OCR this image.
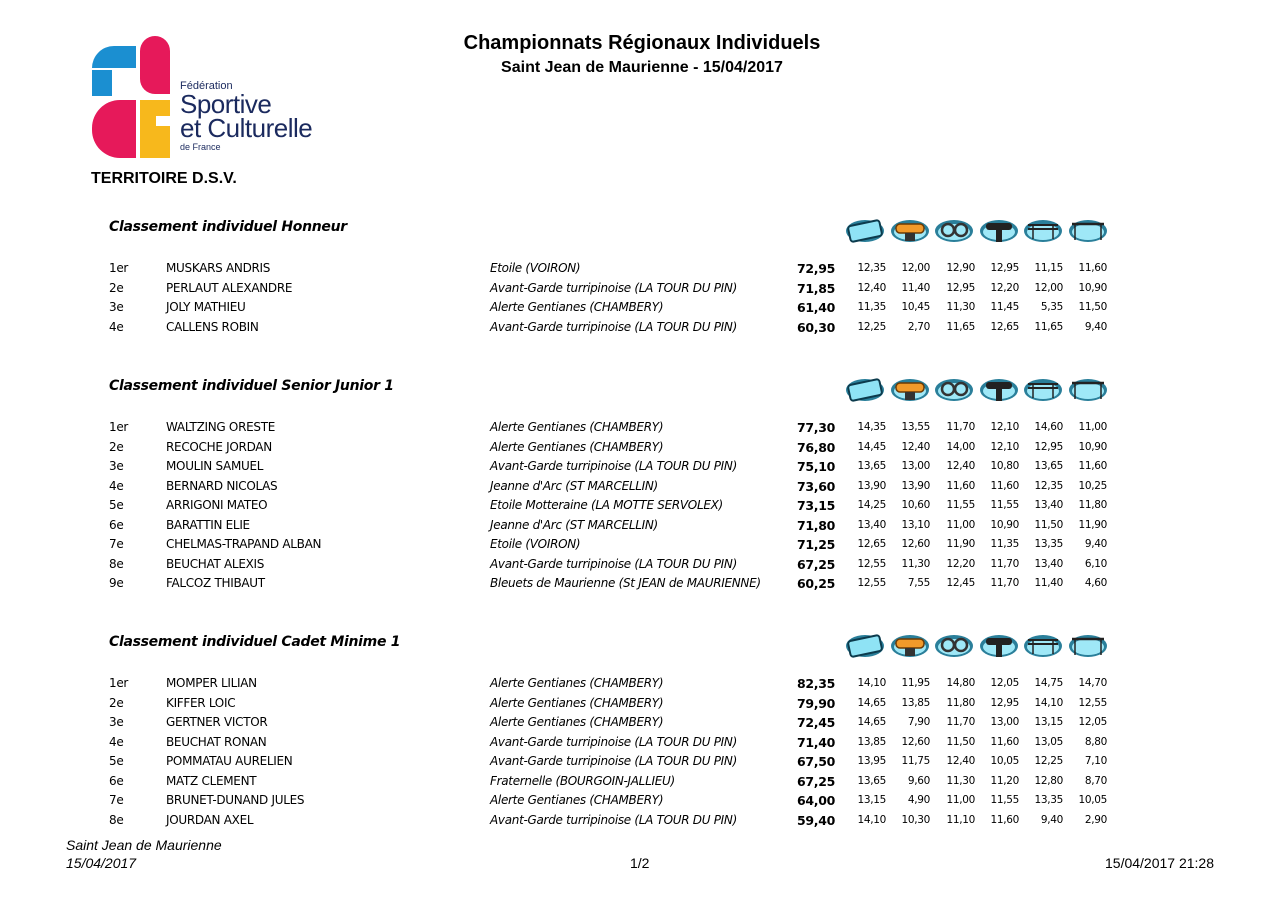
Fédération
Sportive
et Culturelle
de France
Championnats Régionaux Individuels
Saint Jean de Maurienne - 15/04/2017
TERRITOIRE D.S.V.
Classement individuel Honneur
1er	MUSKARS ANDRIS	Etoile (VOIRON)	72,95	12,35	12,00	12,90	12,95	11,15	11,60
2e	PERLAUT ALEXANDRE	Avant-Garde turripinoise (LA TOUR DU PIN)	71,85	12,40	11,40	12,95	12,20	12,00	10,90
3e	JOLY MATHIEU	Alerte Gentianes (CHAMBERY)	61,40	11,35	10,45	11,30	11,45	5,35	11,50
4e	CALLENS ROBIN	Avant-Garde turripinoise (LA TOUR DU PIN)	60,30	12,25	2,70	11,65	12,65	11,65	9,40
Classement individuel Senior Junior 1
1er	WALTZING ORESTE	Alerte Gentianes (CHAMBERY)	77,30	14,35	13,55	11,70	12,10	14,60	11,00
2e	RECOCHE JORDAN	Alerte Gentianes (CHAMBERY)	76,80	14,45	12,40	14,00	12,10	12,95	10,90
3e	MOULIN SAMUEL	Avant-Garde turripinoise (LA TOUR DU PIN)	75,10	13,65	13,00	12,40	10,80	13,65	11,60
4e	BERNARD NICOLAS	Jeanne d'Arc (ST MARCELLIN)	73,60	13,90	13,90	11,60	11,60	12,35	10,25
5e	ARRIGONI MATEO	Etoile Motteraine (LA MOTTE SERVOLEX)	73,15	14,25	10,60	11,55	11,55	13,40	11,80
6e	BARATTIN ELIE	Jeanne d'Arc (ST MARCELLIN)	71,80	13,40	13,10	11,00	10,90	11,50	11,90
7e	CHELMAS-TRAPAND ALBAN	Etoile (VOIRON)	71,25	12,65	12,60	11,90	11,35	13,35	9,40
8e	BEUCHAT ALEXIS	Avant-Garde turripinoise (LA TOUR DU PIN)	67,25	12,55	11,30	12,20	11,70	13,40	6,10
9e	FALCOZ THIBAUT	Bleuets de Maurienne (St JEAN de MAURIENNE)	60,25	12,55	7,55	12,45	11,70	11,40	4,60
Classement individuel Cadet Minime 1
1er	MOMPER LILIAN	Alerte Gentianes (CHAMBERY)	82,35	14,10	11,95	14,80	12,05	14,75	14,70
2e	KIFFER LOIC	Alerte Gentianes (CHAMBERY)	79,90	14,65	13,85	11,80	12,95	14,10	12,55
3e	GERTNER VICTOR	Alerte Gentianes (CHAMBERY)	72,45	14,65	7,90	11,70	13,00	13,15	12,05
4e	BEUCHAT RONAN	Avant-Garde turripinoise (LA TOUR DU PIN)	71,40	13,85	12,60	11,50	11,60	13,05	8,80
5e	POMMATAU AURELIEN	Avant-Garde turripinoise (LA TOUR DU PIN)	67,50	13,95	11,75	12,40	10,05	12,25	7,10
6e	MATZ CLEMENT	Fraternelle (BOURGOIN-JALLIEU)	67,25	13,65	9,60	11,30	11,20	12,80	8,70
7e	BRUNET-DUNAND JULES	Alerte Gentianes (CHAMBERY)	64,00	13,15	4,90	11,00	11,55	13,35	10,05
8e	JOURDAN AXEL	Avant-Garde turripinoise (LA TOUR DU PIN)	59,40	14,10	10,30	11,10	11,60	9,40	2,90
Saint Jean de Maurienne
15/04/2017	1/2	15/04/2017 21:28
